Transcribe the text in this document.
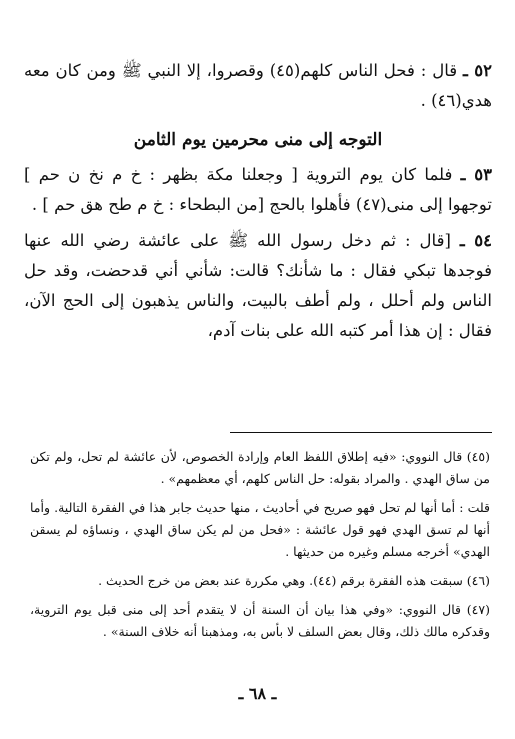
٥٢ ـ قال : فحل الناس كلهم(٤٥) وقصروا، إلا النبي ﷺ ومن كان معه هدي(٤٦) .

التوجه إلى منى محرمين يوم الثامن

٥٣ ـ فلما كان يوم التروية [ وجعلنا مكة بظهر : خ م نخ ن حم ] توجهوا إلى منى(٤٧) فأهلوا بالحج [من البطحاء : خ م طح هق حم ] .

٥٤ ـ [قال : ثم دخل رسول الله ﷺ على عائشة رضي الله عنها فوجدها تبكي فقال : ما شأنك؟ قالت: شأني أني قدحضت، وقد حل الناس ولم أحلل ، ولم أطف بالبيت، والناس يذهبون إلى الحج الآن، فقال : إن هذا أمر كتبه الله على بنات آدم،

(٤٥) قال النووي: «فيه إطلاق اللفظ العام وإرادة الخصوص، لأن عائشة لم تحل، ولم تكن من ساق الهدي . والمراد بقوله: حل الناس كلهم، أي معظمهم» .

قلت : أما أنها لم تحل فهو صريح في أحاديث ، منها حديث جابر هذا في الفقرة التالية. وأما أنها لم تسق الهدي فهو قول عائشة : «فحل من لم يكن ساق الهدي ، ونساؤه لم يسقن الهدي» أخرجه مسلم وغيره من حديثها .

(٤٦) سبقت هذه الفقرة برقم (٤٤). وهي مكررة عند بعض من خرج الحديث .

(٤٧) قال النووي: «وفي هذا بيان أن السنة أن لا يتقدم أحد إلى منى قبل يوم التروية، وقدكره مالك ذلك، وقال بعض السلف لا بأس به، ومذهبنا أنه خلاف السنة» .

ـ ٦٨ ـ
